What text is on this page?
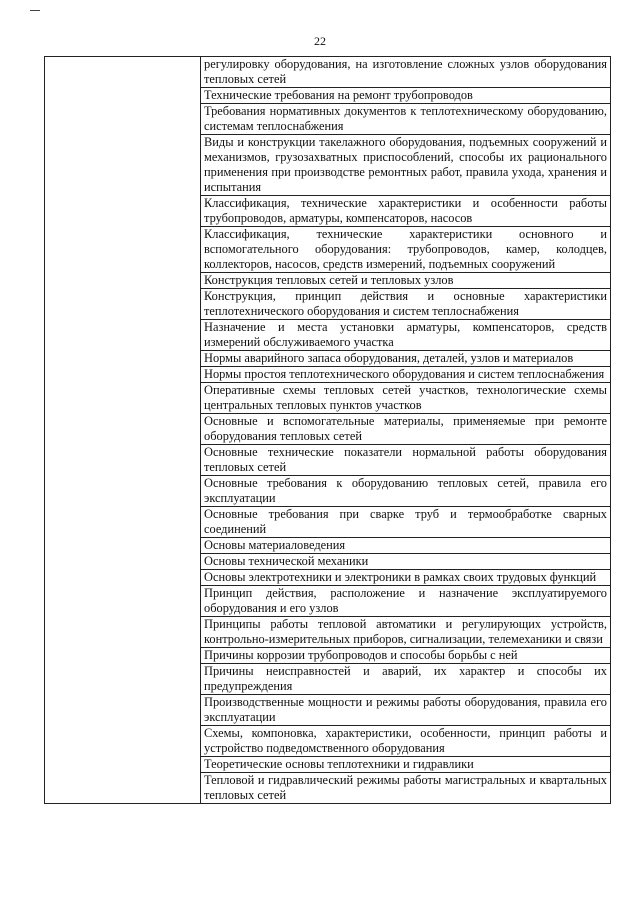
22
	регулировку оборудования, на изготовление сложных узлов оборудования тепловых сетей
Технические требования на ремонт трубопроводов
Требования нормативных документов к теплотехническому оборудованию, системам теплоснабжения
Виды и конструкции такелажного оборудования, подъемных сооружений и механизмов, грузозахватных приспособлений, способы их рационального применения при производстве ремонтных работ, правила ухода, хранения и испытания
Классификация, технические характеристики и особенности работы трубопроводов, арматуры, компенсаторов, насосов
Классификация, технические характеристики основного и вспомогательного оборудования: трубопроводов, камер, колодцев, коллекторов, насосов, средств измерений, подъемных сооружений
Конструкция тепловых сетей и тепловых узлов
Конструкция, принцип действия и основные характеристики теплотехнического оборудования и систем теплоснабжения
Назначение и места установки арматуры, компенсаторов, средств измерений обслуживаемого участка
Нормы аварийного запаса оборудования, деталей, узлов и материалов
Нормы простоя теплотехнического оборудования и систем теплоснабжения
Оперативные схемы тепловых сетей участков, технологические схемы центральных тепловых пунктов участков
Основные и вспомогательные материалы, применяемые при ремонте оборудования тепловых сетей
Основные технические показатели нормальной работы оборудования тепловых сетей
Основные требования к оборудованию тепловых сетей, правила его эксплуатации
Основные требования при сварке труб и термообработке сварных соединений
Основы материаловедения
Основы технической механики
Основы электротехники и электроники в рамках своих трудовых функций
Принцип действия, расположение и назначение эксплуатируемого оборудования и его узлов
Принципы работы тепловой автоматики и регулирующих устройств, контрольно-измерительных приборов, сигнализации, телемеханики и связи
Причины коррозии трубопроводов и способы борьбы с ней
Причины неисправностей и аварий, их характер и способы их предупреждения
Производственные мощности и режимы работы оборудования, правила его эксплуатации
Схемы, компоновка, характеристики, особенности, принцип работы и устройство подведомственного оборудования
Теоретические основы теплотехники и гидравлики
Тепловой и гидравлический режимы работы магистральных и квартальных тепловых сетей
